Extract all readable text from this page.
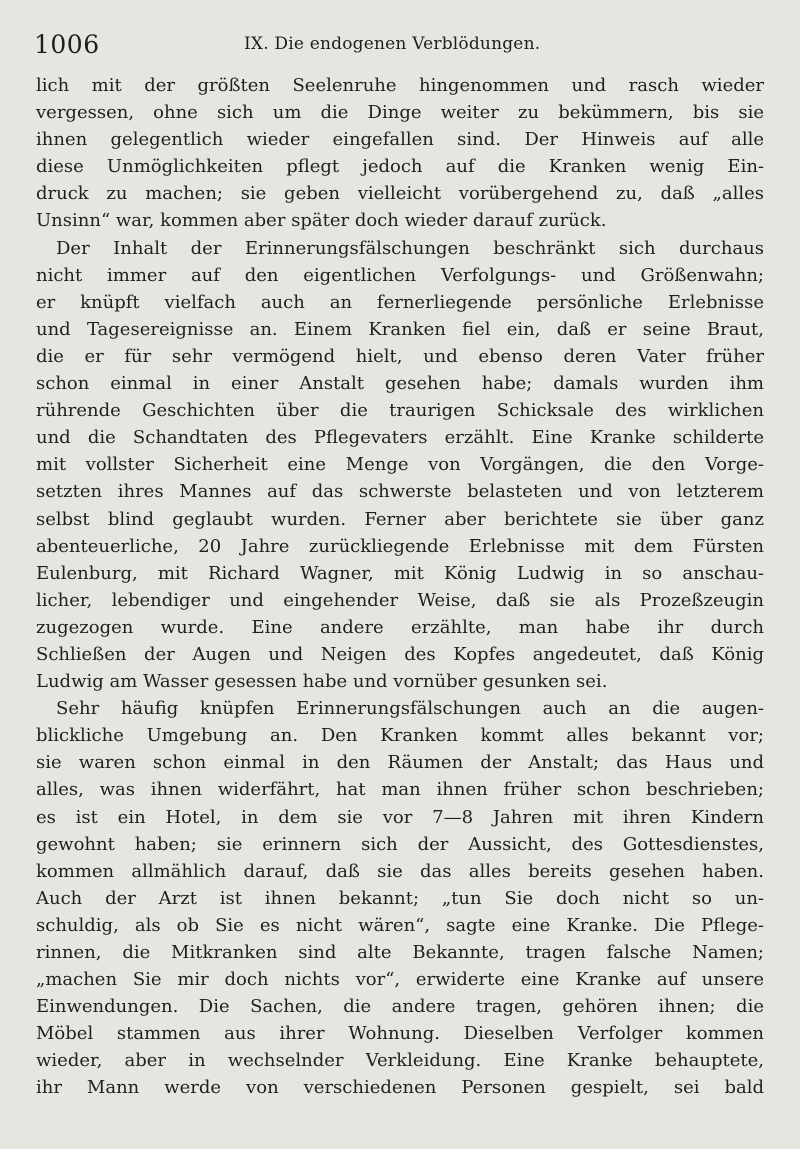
1006	IX. Die endogenen Verblödungen.
lich mit der größten Seelenruhe hingenommen und rasch wieder
vergessen, ohne sich um die Dinge weiter zu bekümmern, bis sie
ihnen gelegentlich wieder eingefallen sind. Der Hinweis auf alle
diese Unmöglichkeiten pflegt jedoch auf die Kranken wenig Ein-
druck zu machen; sie geben vielleicht vorübergehend zu, daß „alles
Unsinn“ war, kommen aber später doch wieder darauf zurück.
Der Inhalt der Erinnerungsfälschungen beschränkt sich durchaus
nicht immer auf den eigentlichen Verfolgungs- und Größenwahn;
er knüpft vielfach auch an fernerliegende persönliche Erlebnisse
und Tagesereignisse an. Einem Kranken fiel ein, daß er seine Braut,
die er für sehr vermögend hielt, und ebenso deren Vater früher
schon einmal in einer Anstalt gesehen habe; damals wurden ihm
rührende Geschichten über die traurigen Schicksale des wirklichen
und die Schandtaten des Pflegevaters erzählt. Eine Kranke schilderte
mit vollster Sicherheit eine Menge von Vorgängen, die den Vorge-
setzten ihres Mannes auf das schwerste belasteten und von letzterem
selbst blind geglaubt wurden. Ferner aber berichtete sie über ganz
abenteuerliche, 20 Jahre zurückliegende Erlebnisse mit dem Fürsten
Eulenburg, mit Richard Wagner, mit König Ludwig in so anschau-
licher, lebendiger und eingehender Weise, daß sie als Prozeßzeugin
zugezogen wurde. Eine andere erzählte, man habe ihr durch
Schließen der Augen und Neigen des Kopfes angedeutet, daß König
Ludwig am Wasser gesessen habe und vornüber gesunken sei.
Sehr häufig knüpfen Erinnerungsfälschungen auch an die augen-
blickliche Umgebung an. Den Kranken kommt alles bekannt vor;
sie waren schon einmal in den Räumen der Anstalt; das Haus und
alles, was ihnen widerfährt, hat man ihnen früher schon beschrieben;
es ist ein Hotel, in dem sie vor 7—8 Jahren mit ihren Kindern
gewohnt haben; sie erinnern sich der Aussicht, des Gottesdienstes,
kommen allmählich darauf, daß sie das alles bereits gesehen haben.
Auch der Arzt ist ihnen bekannt; „tun Sie doch nicht so un-
schuldig, als ob Sie es nicht wären“, sagte eine Kranke. Die Pflege-
rinnen, die Mitkranken sind alte Bekannte, tragen falsche Namen;
„machen Sie mir doch nichts vor“, erwiderte eine Kranke auf unsere
Einwendungen. Die Sachen, die andere tragen, gehören ihnen; die
Möbel stammen aus ihrer Wohnung. Dieselben Verfolger kommen
wieder, aber in wechselnder Verkleidung. Eine Kranke behauptete,
ihr Mann werde von verschiedenen Personen gespielt, sei bald
